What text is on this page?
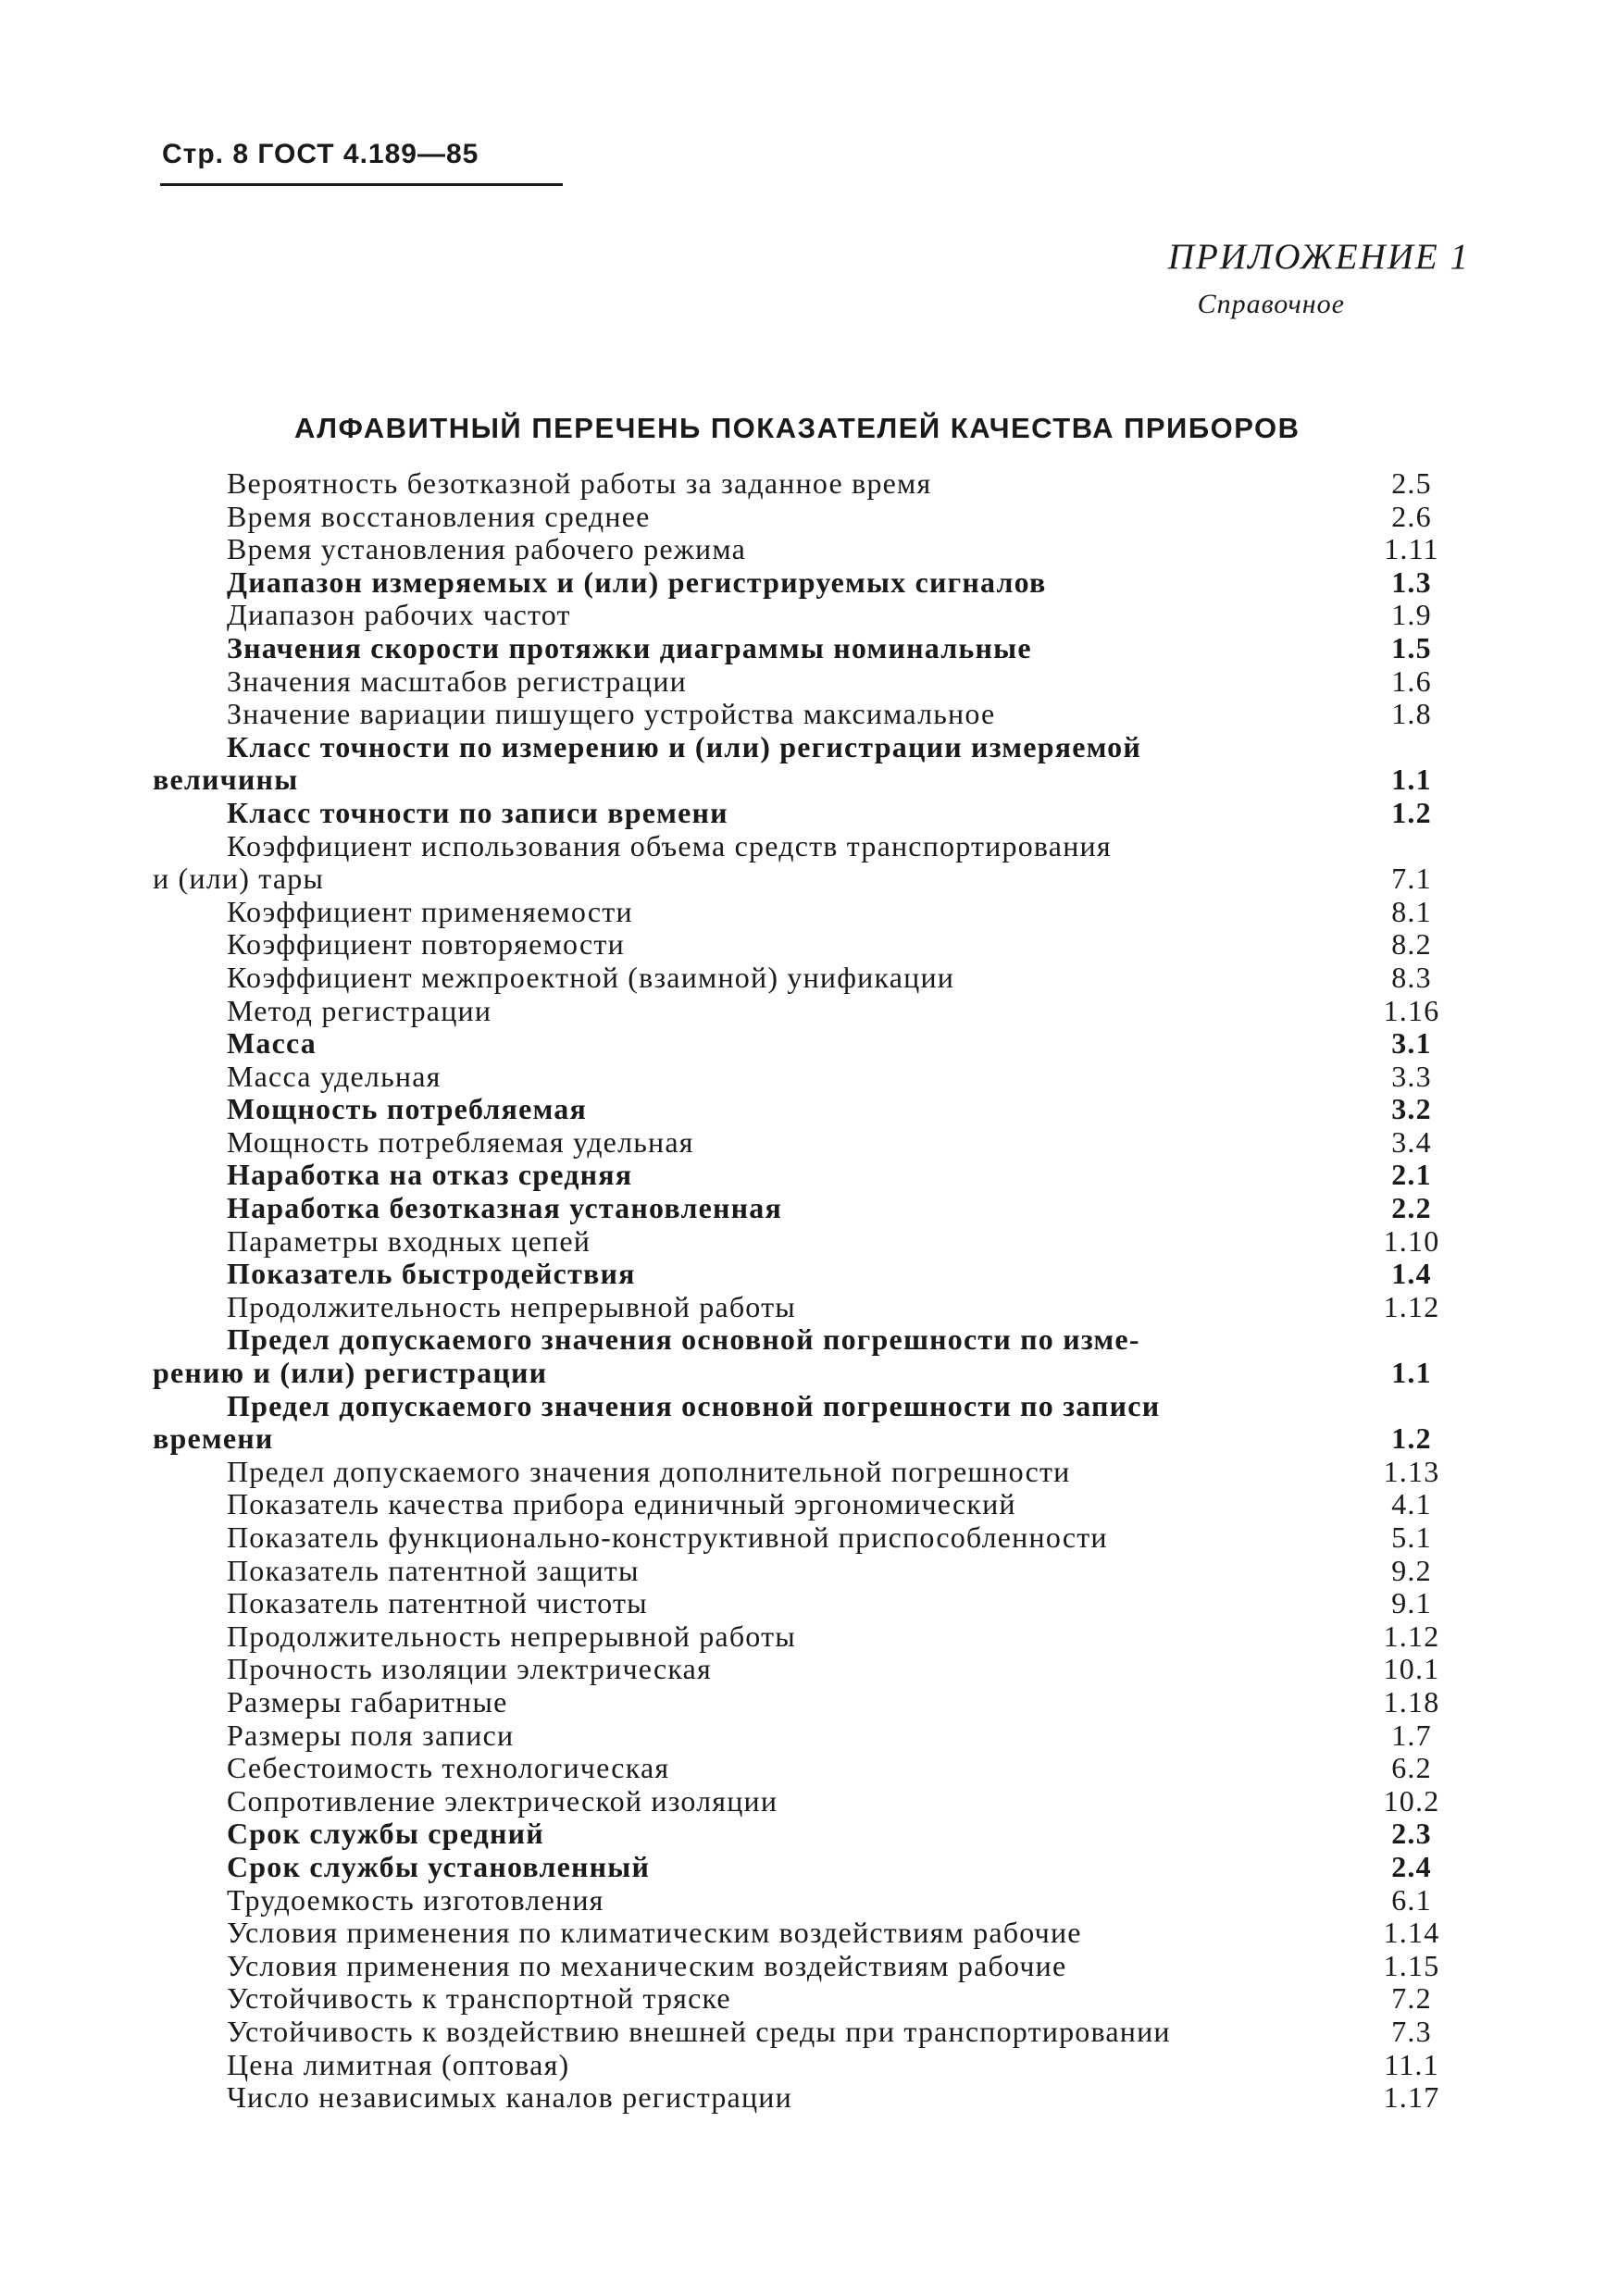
Стр. 8 ГОСТ 4.189—85
ПРИЛОЖЕНИЕ 1
Справочное
АЛФАВИТНЫЙ ПЕРЕЧЕНЬ ПОКАЗАТЕЛЕЙ КАЧЕСТВА ПРИБОРОВ
Вероятность безотказной работы за заданное время	2.5
Время восстановления среднее	2.6
Время установления рабочего режима	1.11
Диапазон измеряемых и (или) регистрируемых сигналов	1.3
Диапазон рабочих частот	1.9
Значения скорости протяжки диаграммы номинальные	1.5
Значения масштабов регистрации	1.6
Значение вариации пишущего устройства максимальное	1.8
Класс точности по измерению и (или) регистрации измеряемой
величины	1.1
Класс точности по записи времени	1.2
Коэффициент использования объема средств транспортирования
и (или) тары	7.1
Коэффициент применяемости	8.1
Коэффициент повторяемости	8.2
Коэффициент межпроектной (взаимной) унификации	8.3
Метод регистрации	1.16
Масса	3.1
Масса удельная	3.3
Мощность потребляемая	3.2
Мощность потребляемая удельная	3.4
Наработка на отказ средняя	2.1
Наработка безотказная установленная	2.2
Параметры входных цепей	1.10
Показатель быстродействия	1.4
Продолжительность непрерывной работы	1.12
Предел допускаемого значения основной погрешности по изме-
рению и (или) регистрации	1.1
Предел допускаемого значения основной погрешности по записи
времени	1.2
Предел допускаемого значения дополнительной погрешности	1.13
Показатель качества прибора единичный эргономический	4.1
Показатель функционально-конструктивной приспособленности	5.1
Показатель патентной защиты	9.2
Показатель патентной чистоты	9.1
Продолжительность непрерывной работы	1.12
Прочность изоляции электрическая	10.1
Размеры габаритные	1.18
Размеры поля записи	1.7
Себестоимость технологическая	6.2
Сопротивление электрической изоляции	10.2
Срок службы средний	2.3
Срок службы установленный	2.4
Трудоемкость изготовления	6.1
Условия применения по климатическим воздействиям рабочие	1.14
Условия применения по механическим воздействиям рабочие	1.15
Устойчивость к транспортной тряске	7.2
Устойчивость к воздействию внешней среды при транспортировании	7.3
Цена лимитная (оптовая)	11.1
Число независимых каналов регистрации	1.17
